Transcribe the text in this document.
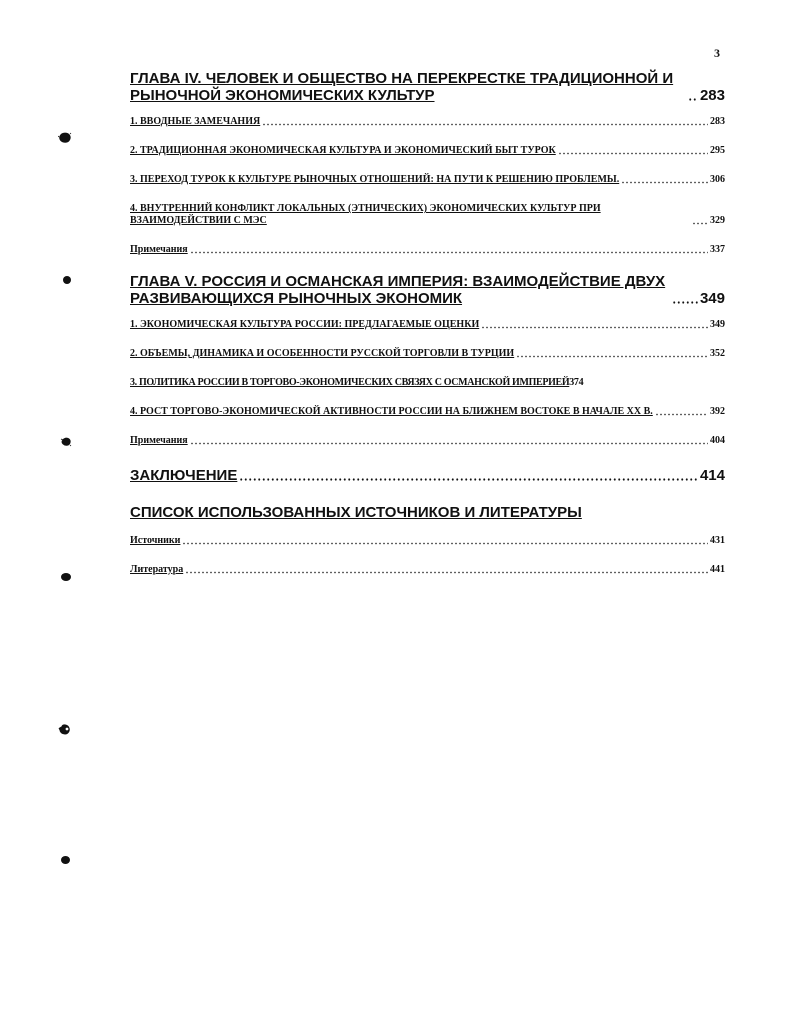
3
ГЛАВА IV. ЧЕЛОВЕК И ОБЩЕСТВО НА ПЕРЕКРЕСТКЕ ТРАДИЦИОННОЙ И РЫНОЧНОЙ ЭКОНОМИЧЕСКИХ КУЛЬТУР	283
1. ВВОДНЫЕ ЗАМЕЧАНИЯ	283
2. ТРАДИЦИОННАЯ ЭКОНОМИЧЕСКАЯ КУЛЬТУРА И ЭКОНОМИЧЕСКИЙ БЫТ ТУРОК	295
3. ПЕРЕХОД ТУРОК К КУЛЬТУРЕ РЫНОЧНЫХ ОТНОШЕНИЙ: НА ПУТИ К РЕШЕНИЮ ПРОБЛЕМЫ.	306
4. ВНУТРЕННИЙ КОНФЛИКТ ЛОКАЛЬНЫХ (ЭТНИЧЕСКИХ) ЭКОНОМИЧЕСКИХ КУЛЬТУР ПРИ ВЗАИМОДЕЙСТВИИ С МЭС	329
Примечания	337
ГЛАВА V. РОССИЯ И ОСМАНСКАЯ ИМПЕРИЯ: ВЗАИМОДЕЙСТВИЕ ДВУХ РАЗВИВАЮЩИХСЯ РЫНОЧНЫХ ЭКОНОМИК	349
1. ЭКОНОМИЧЕСКАЯ КУЛЬТУРА РОССИИ: ПРЕДЛАГАЕМЫЕ ОЦЕНКИ	349
2. ОБЪЕМЫ, ДИНАМИКА И ОСОБЕННОСТИ РУССКОЙ ТОРГОВЛИ В ТУРЦИИ	352
3. ПОЛИТИКА РОССИИ В ТОРГОВО-ЭКОНОМИЧЕСКИХ СВЯЗЯХ С ОСМАНСКОЙ ИМПЕРИЕЙ 374
4. РОСТ ТОРГОВО-ЭКОНОМИЧЕСКОЙ АКТИВНОСТИ РОССИИ НА БЛИЖНЕМ ВОСТОКЕ В НАЧАЛЕ XX В.	392
Примечания	404
ЗАКЛЮЧЕНИЕ	414
СПИСОК ИСПОЛЬЗОВАННЫХ ИСТОЧНИКОВ И ЛИТЕРАТУРЫ
Источники	431
Литература	441
